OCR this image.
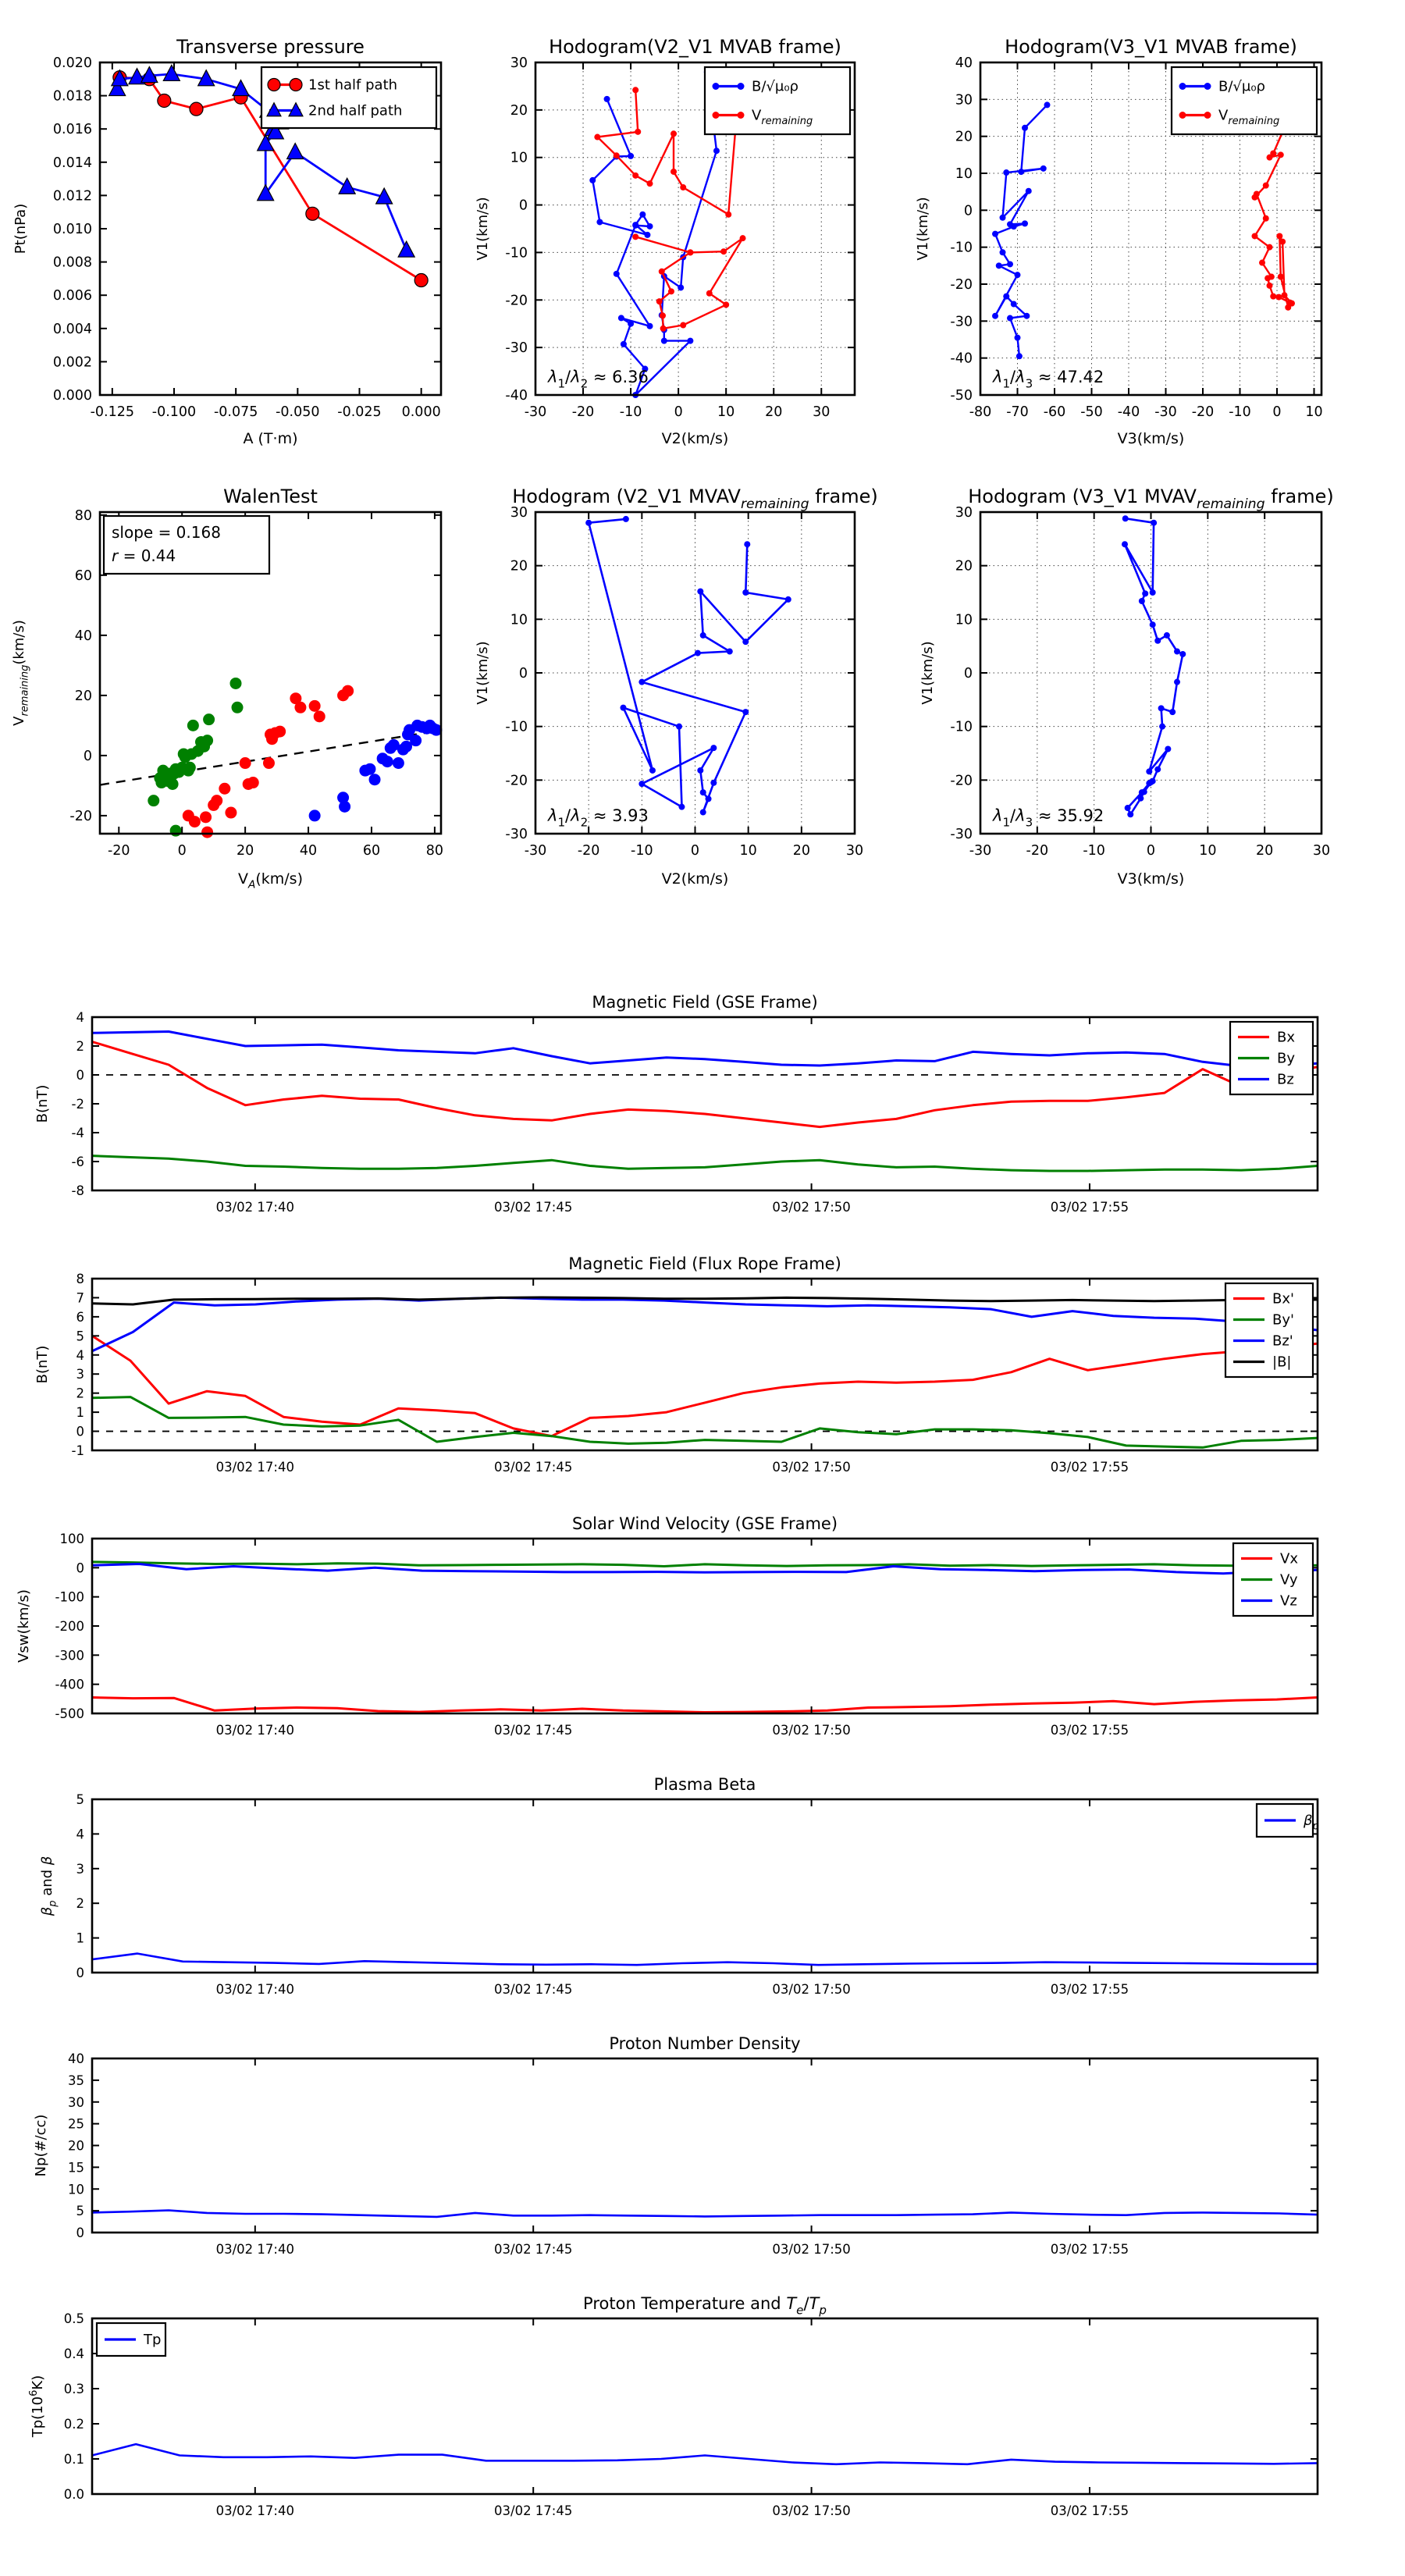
-0.125 -0.100 -0.075 -0.050 -0.025 0.000
0.000
0.002
0.004
0.006
0.008
0.010
0.012
0.014
0.016
0.018
0.020
Transverse pressure
A (T·m)
Pt(nPa)
1st half path
2nd half path
-30 -20 -10 0	10 20 30
-40
-30
-20
-10
0
10
20
30
Hodogram(V2_V1 MVAB frame)
V2(km/s)
V1(km/s)
$\lambda_1/\lambda_2 \approx 6.36$
B/√μ₀ρ
$V_{remaining}$
-80 -70 -60 -50 -40 -30 -20 -10 0 10
-50
-40
-30
-20
-10
0
10
20
30
40
Hodogram(V3_V1 MVAB frame)
V3(km/s)
V1(km/s)
$\lambda_1/\lambda_3 \approx 47.42$
B/√μ₀ρ
$V_{remaining}$
-20	0	20	40	60	80
-20
0
20
40
60
80
WalenTest
$V_A(km/s)$
$V_{remaining}(km/s)$
slope = 0.168
r = 0.44
-30 -20 -10	0	10	20	30
-30
-20
-10
0
10
20
30
Hodogram (V2_V1 $MVAV_{remaining}$ frame)
V2(km/s)
V1(km/s)
$\lambda_1/\lambda_2 \approx 3.93$
-30	-20	-10	0	10	20	30
-30
-20
-10
0
10
20
30
Hodogram (V3_V1 $MVAV_{remaining}$ frame)
V3(km/s)
V1(km/s)
$\lambda_1/\lambda_3 \approx 35.92$
03/02 17:40	03/02 17:45	03/02 17:50	03/02 17:55
-8
-6
-4
-2
0
2
4
Magnetic Field (GSE Frame)
B(nT)
Bx
By
Bz
03/02 17:40	03/02 17:45	03/02 17:50	03/02 17:55
-1
0
1
2
3
4
5
6
7
8
Magnetic Field (Flux Rope Frame)
B(nT)
Bx'
By'
Bz'
|B|
03/02 17:40	03/02 17:45	03/02 17:50	03/02 17:55
-500
-400
-300
-200
-100
0
100
Solar Wind Velocity (GSE Frame)
Vsw(km/s)
Vx
Vy
Vz
03/02 17:40	03/02 17:45	03/02 17:50	03/02 17:55
0
1
2
3
4
5
Plasma Beta
$\beta_p$ and β
$\beta_p$
03/02 17:40	03/02 17:45	03/02 17:50	03/02 17:55
0
5
10
15
20
25
30
35
40
Proton Number Density
Np(#/cc)
03/02 17:40	03/02 17:45	03/02 17:50	03/02 17:55
0.0
0.1
0.2
0.3
0.4
0.5
Proton Temperature and $T_e/T_p$
$Tp(10^6K)$
Tp
